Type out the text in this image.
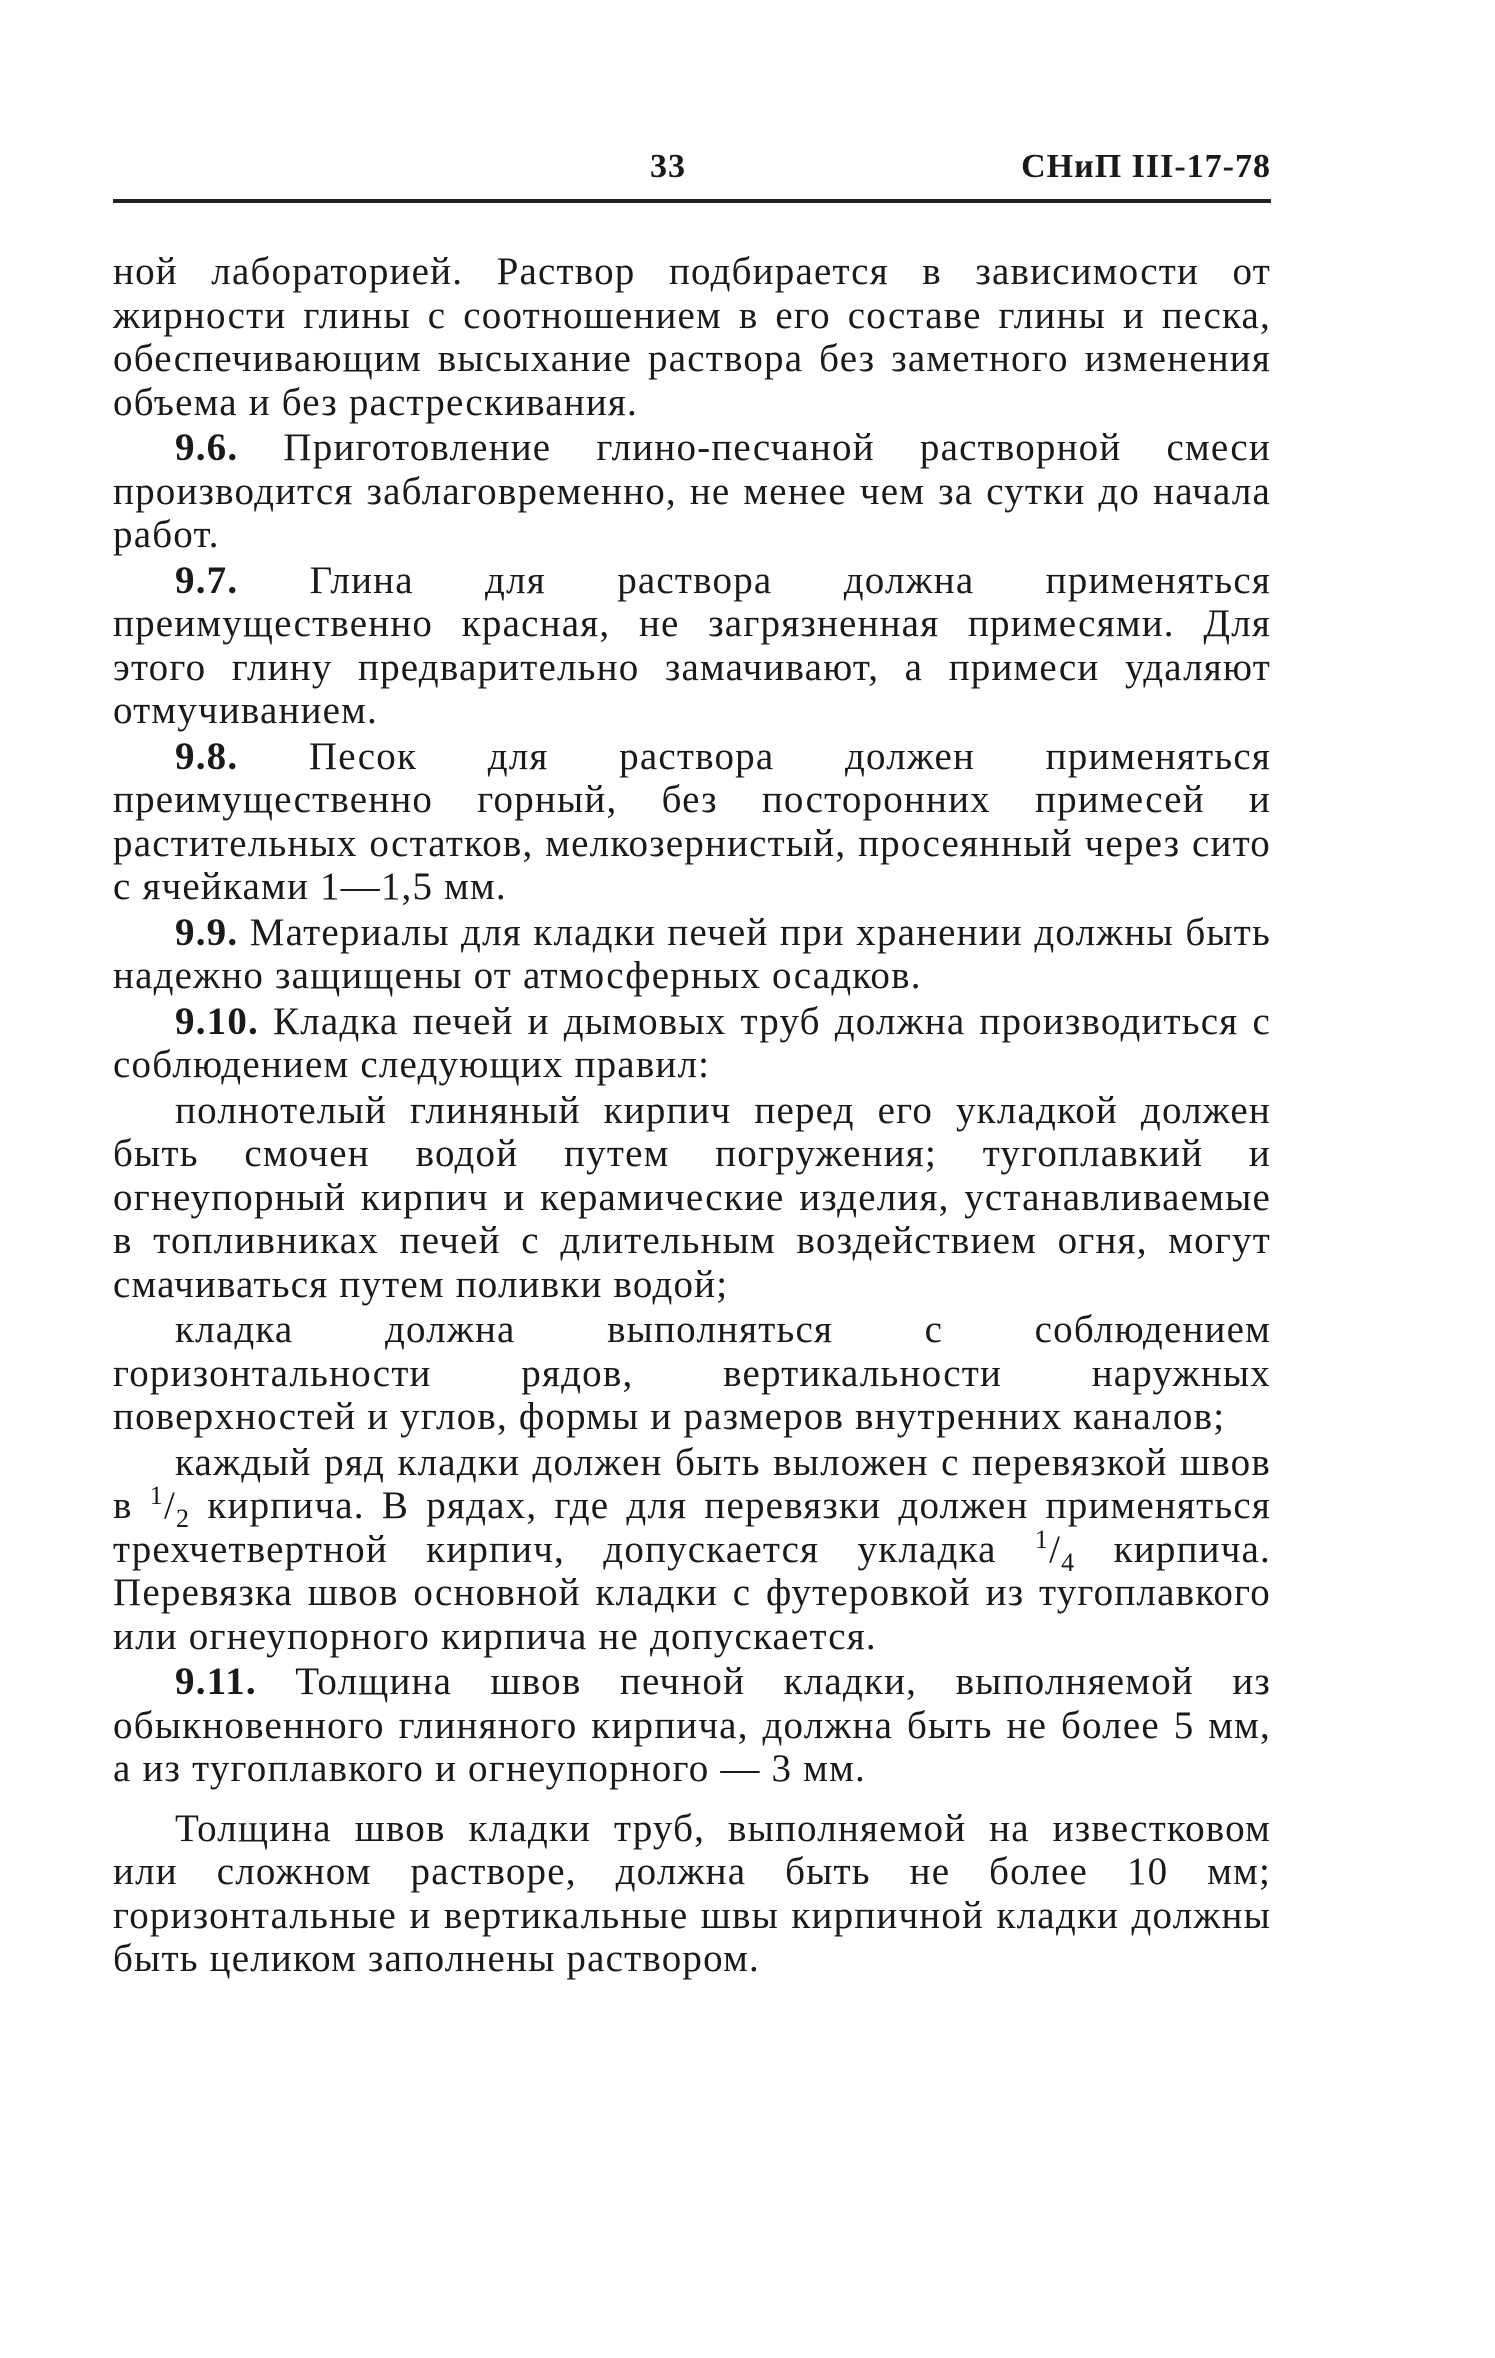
33	СНиП III-17-78

ной лабораторией. Раствор подбирается в зависимости от жирности глины с соотношением в его составе глины и песка, обеспечивающим высыхание раствора без заметного изменения объема и без растрескивания.

9.6. Приготовление глино-песчаной растворной смеси производится заблаговременно, не менее чем за сутки до начала работ.

9.7. Глина для раствора должна применяться преимущественно красная, не загрязненная примесями. Для этого глину предварительно замачивают, а примеси удаляют отмучиванием.

9.8. Песок для раствора должен применяться преимущественно горный, без посторонних примесей и растительных остатков, мелкозернистый, просеянный через сито с ячейками 1—1,5 мм.

9.9. Материалы для кладки печей при хранении должны быть надежно защищены от атмосферных осадков.

9.10. Кладка печей и дымовых труб должна производиться с соблюдением следующих правил:

полнотелый глиняный кирпич перед его укладкой должен быть смочен водой путем погружения; тугоплавкий и огнеупорный кирпич и керамические изделия, устанавливаемые в топливниках печей с длительным воздействием огня, могут смачиваться путем поливки водой;

кладка должна выполняться с соблюдением горизонтальности рядов, вертикальности наружных поверхностей и углов, формы и размеров внутренних каналов;

каждый ряд кладки должен быть выложен с перевязкой швов в $^1/_2$ кирпича. В рядах, где для перевязки должен применяться трехчетвертной кирпич, допускается укладка $^1/_4$ кирпича. Перевязка швов основной кладки с футеровкой из тугоплавкого или огнеупорного кирпича не допускается.

9.11. Толщина швов печной кладки, выполняемой из обыкновенного глиняного кирпича, должна быть не более 5 мм, а из тугоплавкого и огнеупорного — 3 мм.

Толщина швов кладки труб, выполняемой на известковом или сложном растворе, должна быть не более 10 мм; горизонтальные и вертикальные швы кирпичной кладки должны быть целиком заполнены раствором.
